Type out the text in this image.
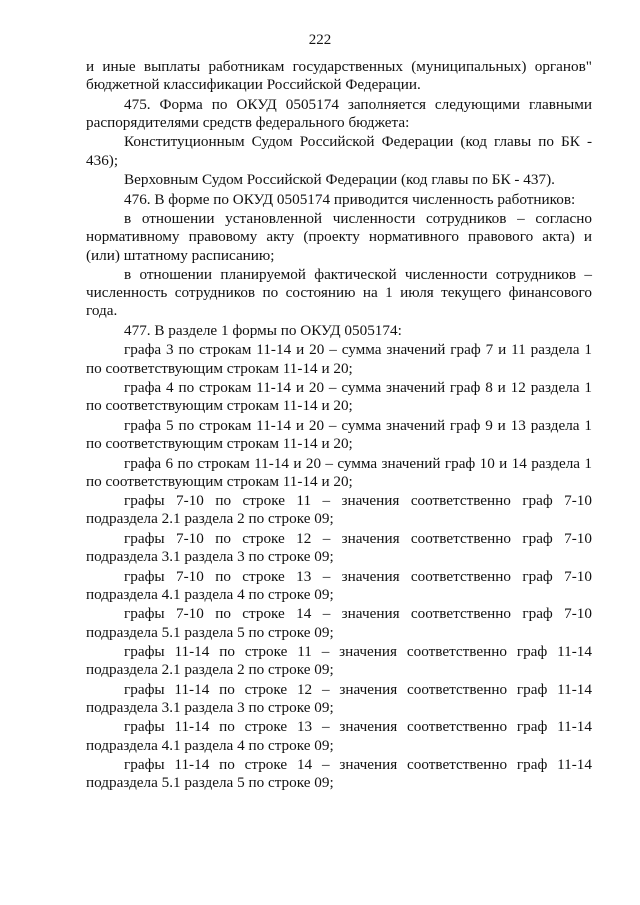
222

и иные выплаты работникам государственных (муниципальных) органов" бюджетной классификации Российской Федерации.

475. Форма по ОКУД 0505174 заполняется следующими главными распорядителями средств федерального бюджета:

Конституционным Судом Российской Федерации (код главы по БК - 436);

Верховным Судом Российской Федерации (код главы по БК - 437).

476. В форме по ОКУД 0505174 приводится численность работников:

в отношении установленной численности сотрудников – согласно нормативному правовому акту (проекту нормативного правового акта) и (или) штатному расписанию;

в отношении планируемой фактической численности сотрудников – численность сотрудников по состоянию на 1 июля текущего финансового года.

477. В разделе 1 формы по ОКУД 0505174:

графа 3 по строкам 11-14 и 20 – сумма значений граф 7 и 11 раздела 1 по соответствующим строкам 11-14 и 20;

графа 4 по строкам 11-14 и 20 – сумма значений граф 8 и 12 раздела 1 по соответствующим строкам 11-14 и 20;

графа 5 по строкам 11-14 и 20 – сумма значений граф 9 и 13 раздела 1 по соответствующим строкам 11-14 и 20;

графа 6 по строкам 11-14 и 20 – сумма значений граф 10 и 14 раздела 1 по соответствующим строкам 11-14 и 20;

графы 7-10 по строке 11 – значения соответственно граф 7-10 подраздела 2.1 раздела 2 по строке 09;

графы 7-10 по строке 12 – значения соответственно граф 7-10 подраздела 3.1 раздела 3 по строке 09;

графы 7-10 по строке 13 – значения соответственно граф 7-10 подраздела 4.1 раздела 4 по строке 09;

графы 7-10 по строке 14 – значения соответственно граф 7-10 подраздела 5.1 раздела 5 по строке 09;

графы 11-14 по строке 11 – значения соответственно граф 11-14 подраздела 2.1 раздела 2 по строке 09;

графы 11-14 по строке 12 – значения соответственно граф 11-14 подраздела 3.1 раздела 3 по строке 09;

графы 11-14 по строке 13 – значения соответственно граф 11-14 подраздела 4.1 раздела 4 по строке 09;

графы 11-14 по строке 14 – значения соответственно граф 11-14 подраздела 5.1 раздела 5 по строке 09;
